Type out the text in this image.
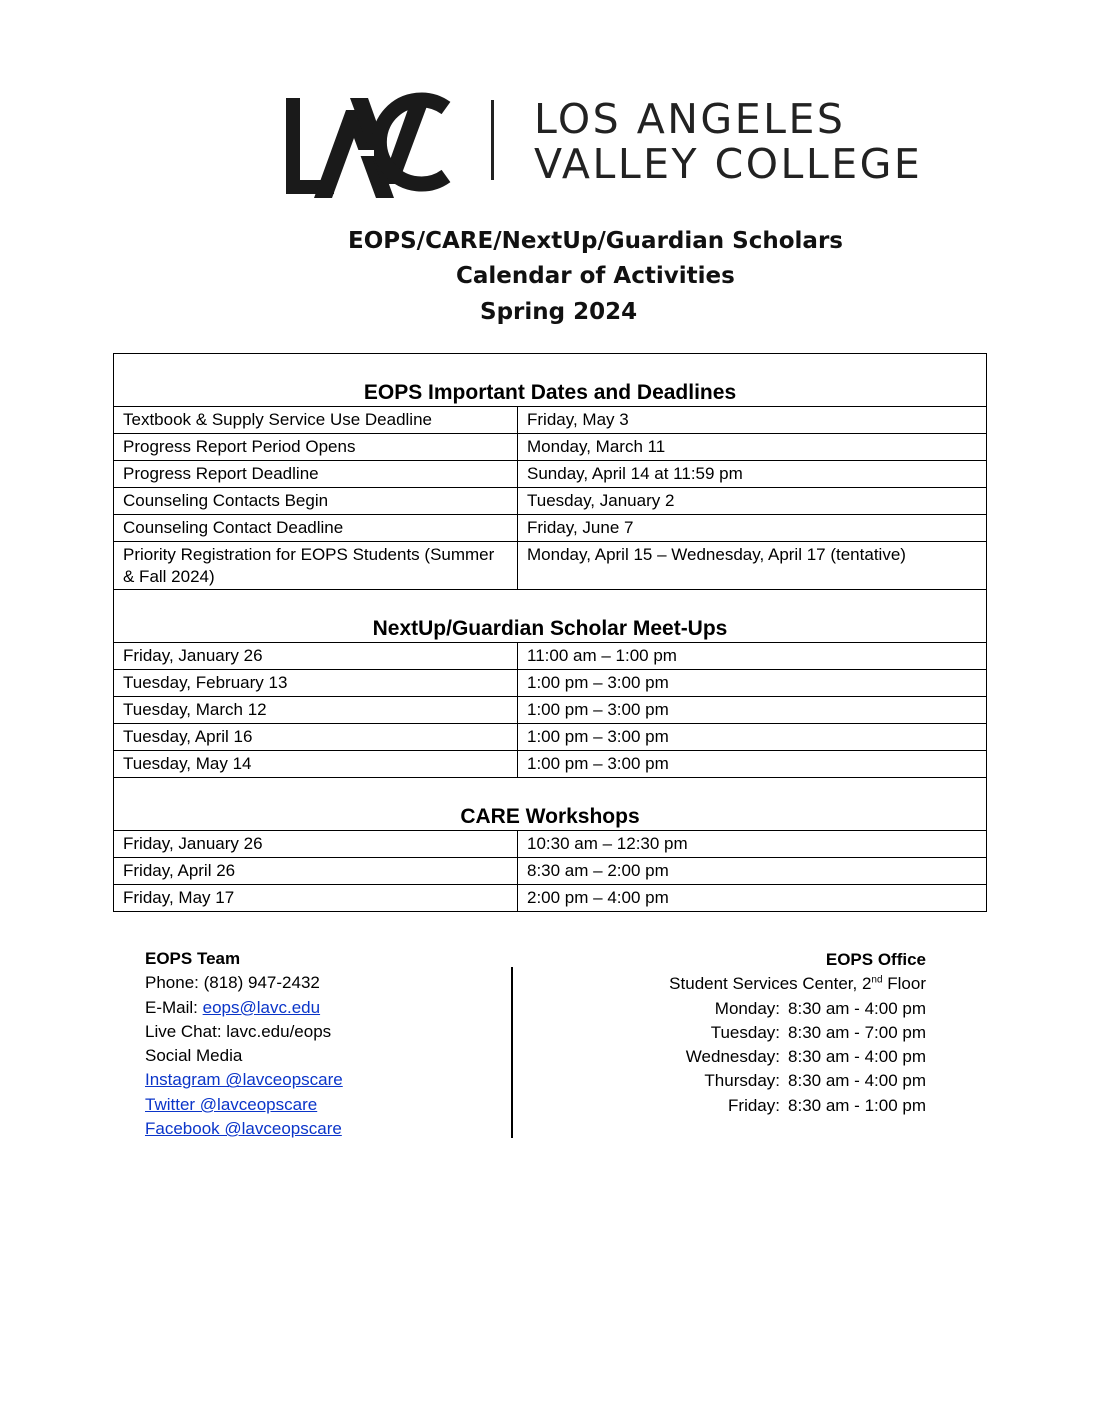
LOS ANGELES
VALLEY COLLEGE
EOPS/CARE/NextUp/Guardian Scholars
Calendar of Activities
Spring 2024
EOPS Important Dates and Deadlines	
Textbook & Supply Service Use Deadline	Friday, May 3
Progress Report Period Opens	Monday, March 11
Progress Report Deadline	Sunday, April 14 at 11:59 pm
Counseling Contacts Begin	Tuesday, January 2
Counseling Contact Deadline	Friday, June 7
Priority Registration for EOPS Students (Summer & Fall 2024)	Monday, April 15 – Wednesday, April 17 (tentative)
NextUp/Guardian Scholar Meet-Ups	
Friday, January 26	11:00 am – 1:00 pm
Tuesday, February 13	1:00 pm – 3:00 pm
Tuesday, March 12	1:00 pm – 3:00 pm
Tuesday, April 16	1:00 pm – 3:00 pm
Tuesday, May 14	1:00 pm – 3:00 pm
CARE Workshops	
Friday, January 26	10:30 am – 12:30 pm
Friday, April 26	8:30 am – 2:00 pm
Friday, May 17	2:00 pm – 4:00 pm
EOPS Team
Phone: (818) 947-2432
E-Mail: eops@lavc.edu
Live Chat: lavc.edu/eops
Social Media
Instagram @lavceopscare
Twitter @lavceopscare
Facebook @lavceopscare
EOPS Office
Student Services Center, 2nd Floor
Monday: 8:30 am - 4:00 pm
Tuesday: 8:30 am - 7:00 pm
Wednesday: 8:30 am - 4:00 pm
Thursday: 8:30 am - 4:00 pm
Friday: 8:30 am - 1:00 pm
